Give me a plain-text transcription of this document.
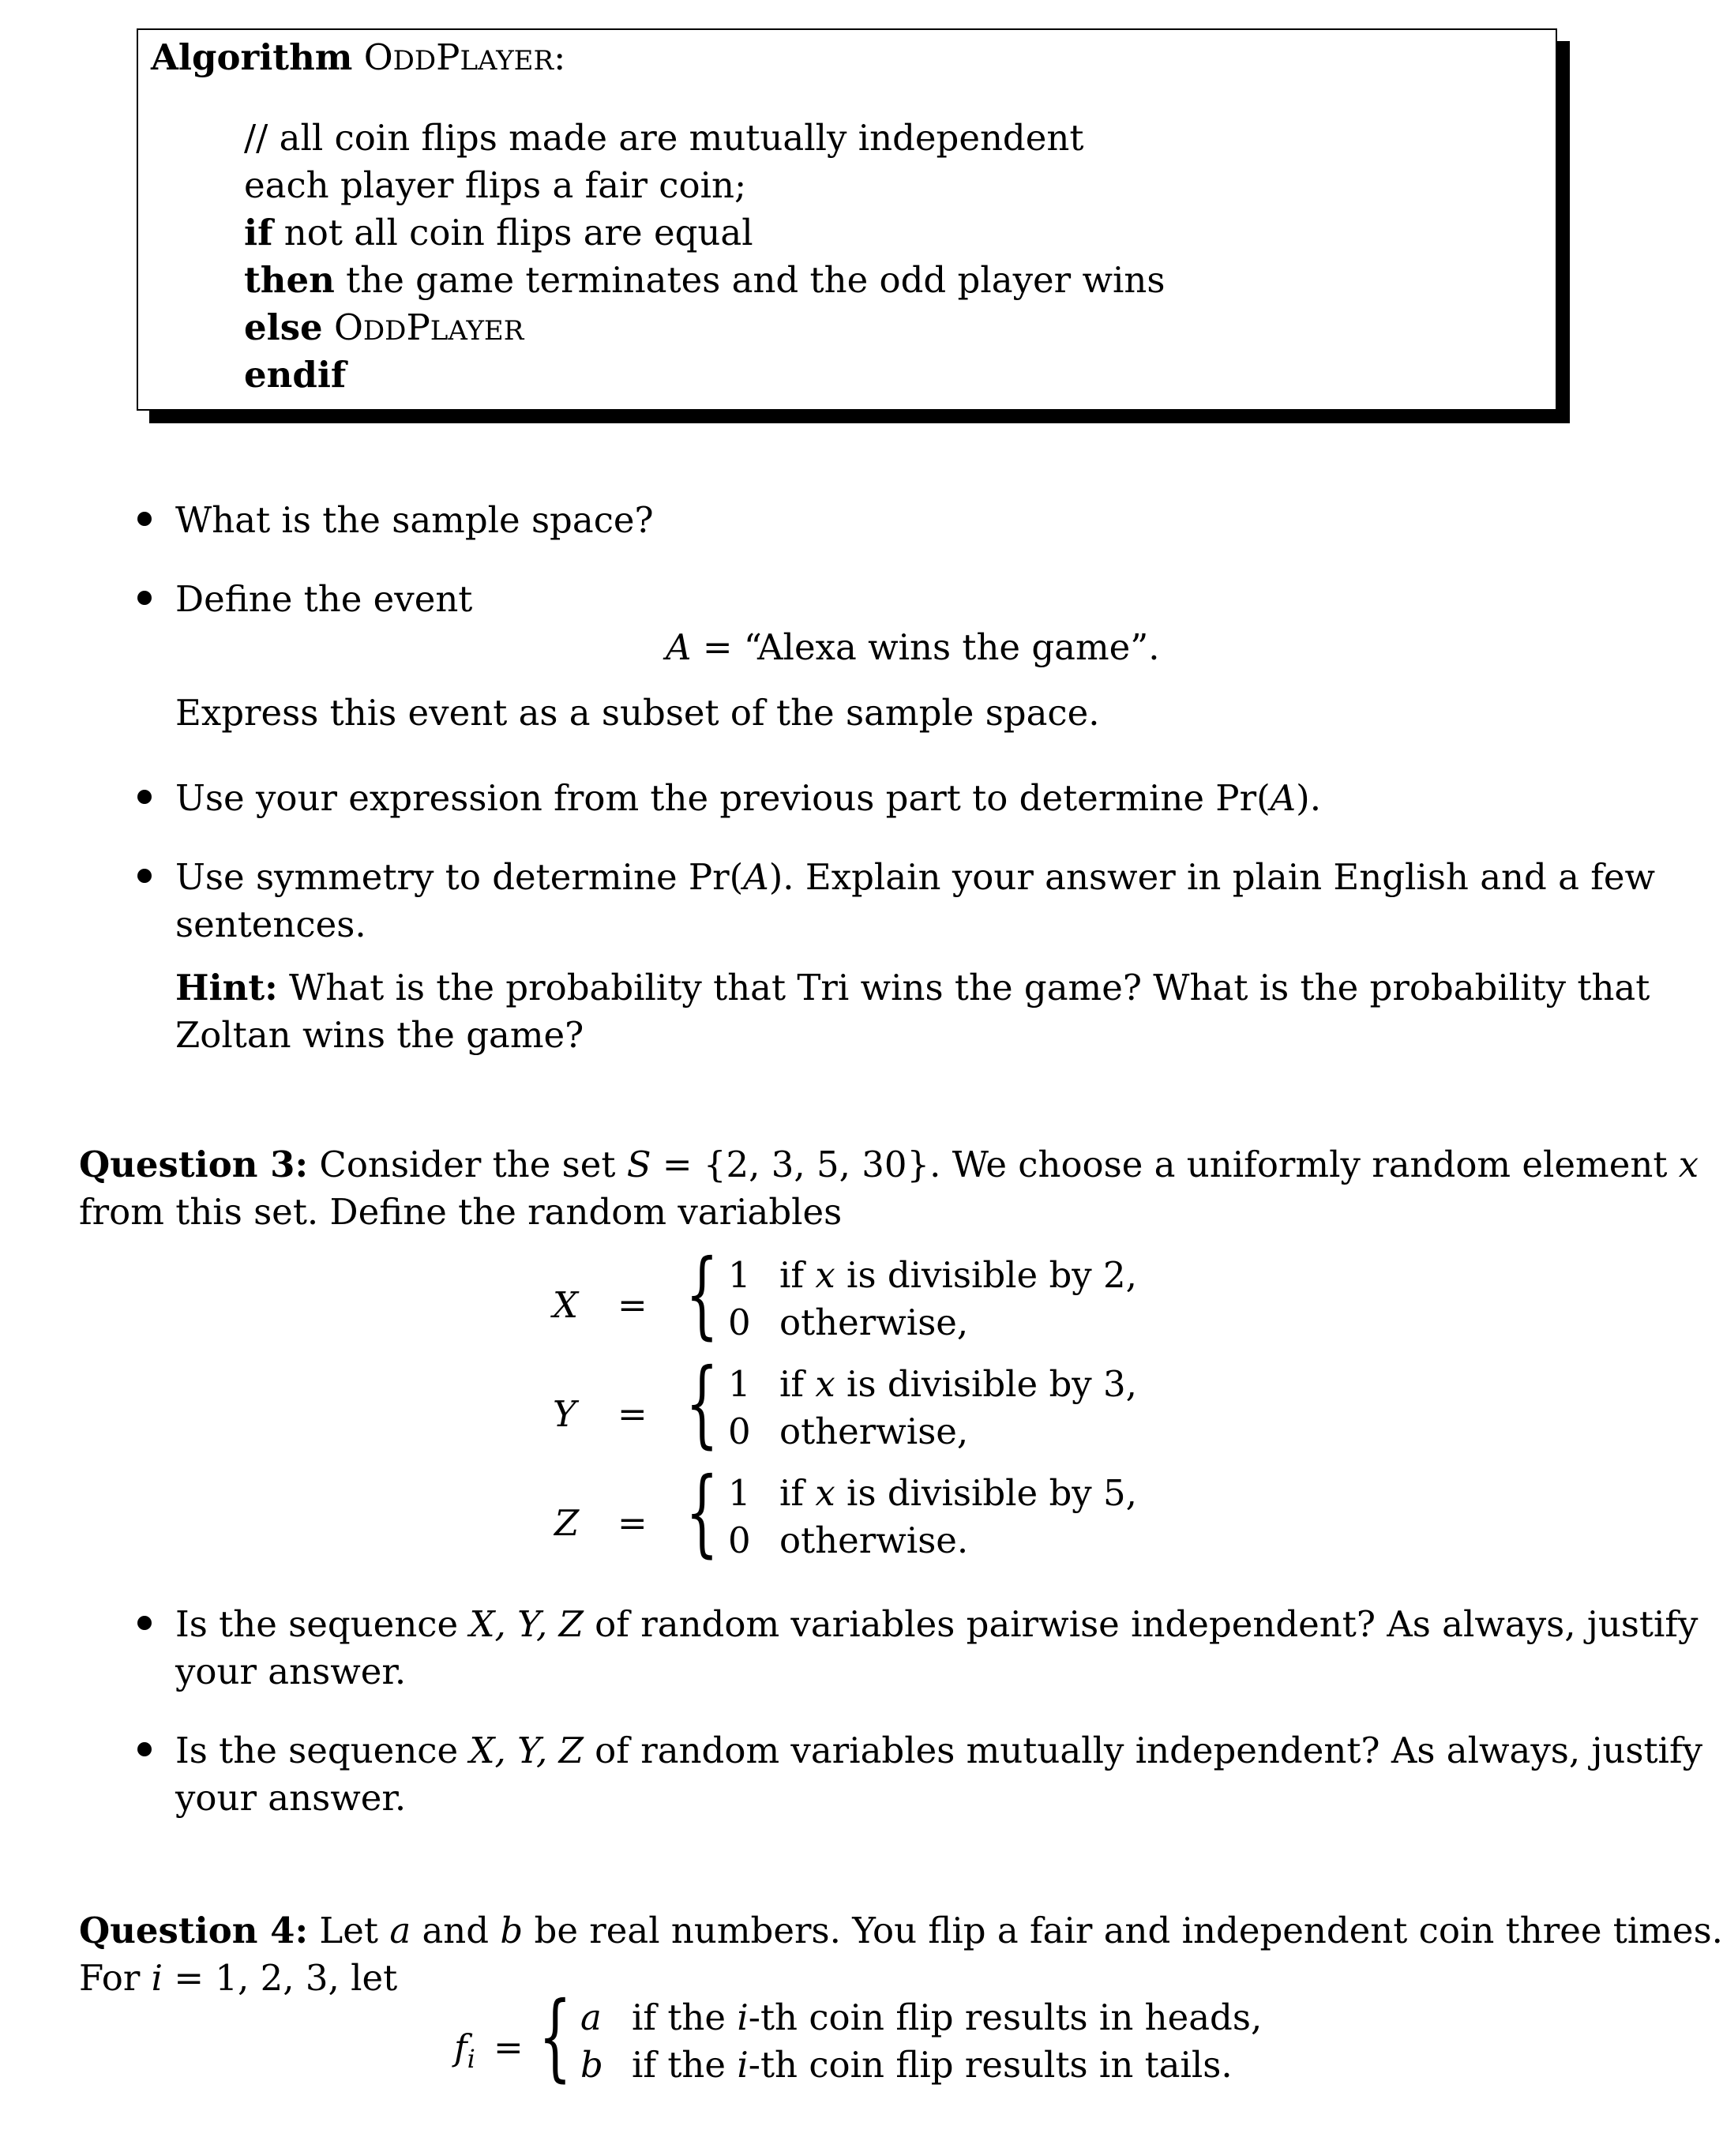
Algorithm ODDPLAYER:
// all coin flips made are mutually independent
each player flips a fair coin;
if not all coin flips are equal
then the game terminates and the odd player wins
else ODDPLAYER
endif
What is the sample space?
Define the event
A = “Alexa wins the game”.
Express this event as a subset of the sample space.
Use your expression from the previous part to determine Pr(A).
Use symmetry to determine Pr(A). Explain your answer in plain English and a few
sentences.
Hint: What is the probability that Tri wins the game? What is the probability that
Zoltan wins the game?
Question 3: Consider the set S = {2, 3, 5, 30}. We choose a uniformly random element x
from this set. Define the random variables
X = { 1 if x is divisible by 2,
0 otherwise,
Y = { 1 if x is divisible by 3,
0 otherwise,
Z = { 1 if x is divisible by 5,
0 otherwise.
Is the sequence X, Y, Z of random variables pairwise independent? As always, justify
your answer.
Is the sequence X, Y, Z of random variables mutually independent? As always, justify
your answer.
Question 4: Let a and b be real numbers. You flip a fair and independent coin three times.
For i = 1, 2, 3, let
$f_i$ = { a if the i-th coin flip results in heads,
b if the i-th coin flip results in tails.
